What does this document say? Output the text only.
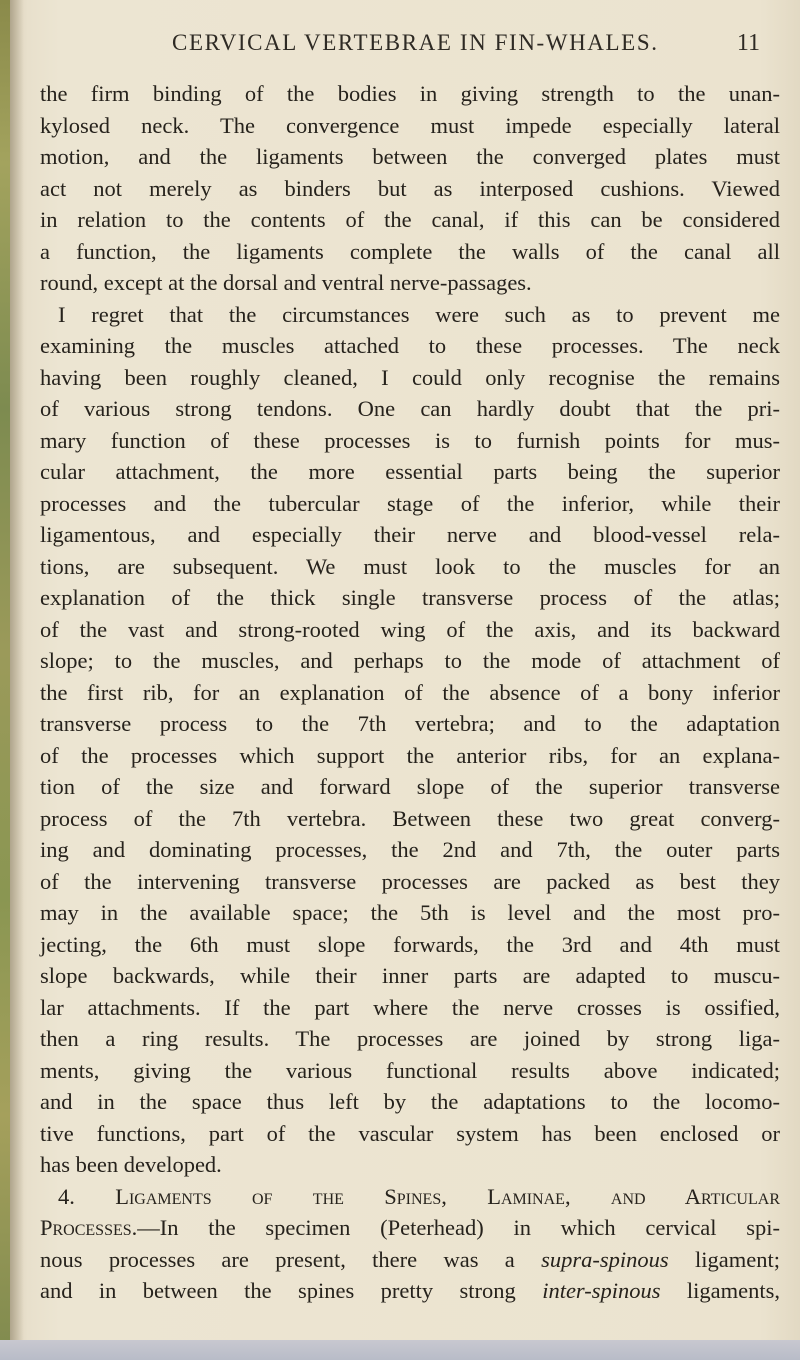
CERVICAL VERTEBRAE IN FIN-WHALES.	11
the firm binding of the bodies in giving strength to the unan-
kylosed neck. The convergence must impede especially lateral
motion, and the ligaments between the converged plates must
act not merely as binders but as interposed cushions. Viewed
in relation to the contents of the canal, if this can be considered
a function, the ligaments complete the walls of the canal all
round, except at the dorsal and ventral nerve-passages.
I regret that the circumstances were such as to prevent me
examining the muscles attached to these processes. The neck
having been roughly cleaned, I could only recognise the remains
of various strong tendons. One can hardly doubt that the pri-
mary function of these processes is to furnish points for mus-
cular attachment, the more essential parts being the superior
processes and the tubercular stage of the inferior, while their
ligamentous, and especially their nerve and blood-vessel rela-
tions, are subsequent. We must look to the muscles for an
explanation of the thick single transverse process of the atlas;
of the vast and strong-rooted wing of the axis, and its backward
slope; to the muscles, and perhaps to the mode of attachment of
the first rib, for an explanation of the absence of a bony inferior
transverse process to the 7th vertebra; and to the adaptation
of the processes which support the anterior ribs, for an explana-
tion of the size and forward slope of the superior transverse
process of the 7th vertebra. Between these two great converg-
ing and dominating processes, the 2nd and 7th, the outer parts
of the intervening transverse processes are packed as best they
may in the available space; the 5th is level and the most pro-
jecting, the 6th must slope forwards, the 3rd and 4th must
slope backwards, while their inner parts are adapted to muscu-
lar attachments. If the part where the nerve crosses is ossified,
then a ring results. The processes are joined by strong liga-
ments, giving the various functional results above indicated;
and in the space thus left by the adaptations to the locomo-
tive functions, part of the vascular system has been enclosed or
has been developed.
4. Ligaments of the Spines, Laminae, and Articular
Processes.—In the specimen (Peterhead) in which cervical spi-
nous processes are present, there was a supra-spinous ligament;
and in between the spines pretty strong inter-spinous ligaments,
